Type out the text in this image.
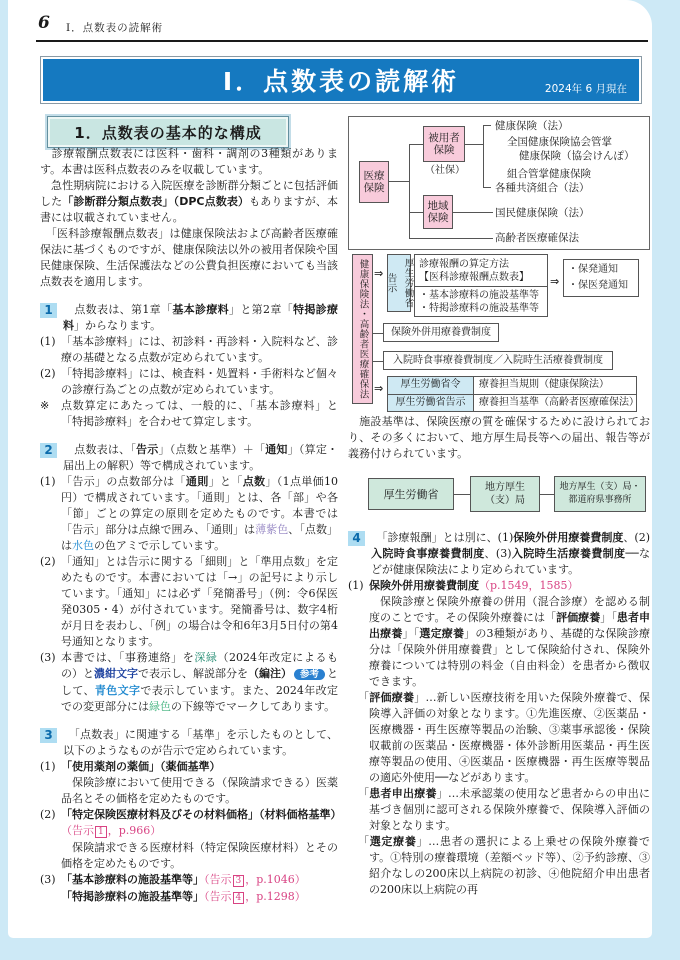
6 Ⅰ．点数表の読解術
Ⅰ．点数表の読解術	2024年 6 月現在
1．点数表の基本的な構成

　診療報酬点数表には医科・歯科・調剤の3種類があります。本書は医科点数表のみを収載しています。

　急性期病院における入院医療を診断群分類ごとに包括評価した「診断群分類点数表」（DPC点数表）もありますが、本書には収載されていません。

　「医科診療報酬点数表」は健康保険法および高齢者医療確保法に基づくものですが、健康保険法以外の被用者保険や国民健康保険、生活保護法などの公費負担医療においても当該点数表を適用します。

1 　点数表は、第1章「基本診療料」と第2章「特掲診療料」からなります。
(1) 「基本診療料」には、初診料・再診料・入院料など、診療の基礎となる点数が定められています。
(2) 「特掲診療料」には、検査料・処置料・手術料など個々の診療行為ごとの点数が定められています。
※	点数算定にあたっては、一般的に、「基本診療料」と「特掲診療料」を合わせて算定します。
2 　点数表は、「告示」（点数と基準）＋「通知」（算定・届出上の解釈）等で構成されています。
(1) 「告示」の点数部分は「通則」と「点数」（1点単価10円）で構成されています。「通則」とは、各「部」や各「節」ごとの算定の原則を定めたものです。本書では「告示」部分は点線で囲み、「通則」は薄紫色、「点数」は水色の色アミで示しています。
(2) 「通知」とは告示に関する「細則」と「準用点数」を定めたものです。本書においては「→」の記号により示しています。「通知」には必ず「発簡番号」（例：令6保医発0305・4）が付されています。発簡番号は、数字4桁が月日を表わし、「例」の場合は令和6年3月5日付の第4号通知となります。
(3) 本書では、「事務連絡」を深緑（2024年改定によるもの）と濃紺文字で表示し、解説部分を（編注） 参考 として、青色文字で表示しています。また、2024年改定での変更部分には緑色の下線等でマークしてあります。
3 　「点数表」に関連する「基準」を示したものとして、以下のようなものが告示で定められています。
(1) 「使用薬剤の薬価」（薬価基準）
保険診療において使用できる（保険請求できる）医薬品名とその価格を定めたものです。
(2) 「特定保険医療材料及びその材料価格」（材料価格基準）（告示 1 ，p.966）
保険請求できる医療材料（特定保険医療材料）とその価格を定めたものです。
(3) 「基本診療料の施設基準等」（告示 3 ，p.1046）
「特掲診療料の施設基準等」（告示 4 ，p.1298）
医療保険
被用者保険
（社保）
健康保険（法）
全国健康保険協会管掌
健康保険（協会けんぽ）
組合管掌健康保険
各種共済組合（法）
地域保険	国民健康保険（法）
高齢者医療確保法
健康保険法・高齢者医療確保法 ⇒ 告示 厚生労働省 診療報酬の算定方法
【医科診療報酬点数表】
・基本診療料の施設基準等
・特掲診療料の施設基準等
⇒
・保発通知
・保医発通知
保険外併用療養費制度
入院時食事療養費制度／入院時生活療養費制度
⇒	厚生労働省令	療養担当規則（健康保険法）
厚生労働省告示	療養担当基準（高齢者医療確保法）

　施設基準は、保険医療の質を確保するために設けられており、その多くにおいて、地方厚生局長等への届出、報告等が義務付けられています。

厚生労働省	地方厚生
（支）局
地方厚生（支）局・
都道府県事務所
4 　「診療報酬」とは別に、(1)保険外併用療養費制度、(2)入院時食事療養費制度、(3)入院時生活療養費制度──などが健康保険法により定められています。
(1) 保険外併用療養費制度（p.1549，1585）
保険診療と保険外療養の併用（混合診療）を認める制度のことです。その保険外療養には「評価療養」「患者申出療養」「選定療養」の3種類があり、基礎的な保険診療分は「保険外併用療養費」として保険給付され、保険外療養については特別の料金（自由料金）を患者から徴収できます。
「評価療養」…新しい医療技術を用いた保険外療養で、保険導入評価の対象となります。①先進医療、②医薬品・医療機器・再生医療等製品の治験、③薬事承認後・保険収載前の医薬品・医療機器・体外診断用医薬品・再生医療等製品の使用、④医薬品・医療機器・再生医療等製品の適応外使用──などがあります。
「患者申出療養」…未承認薬の使用など患者からの申出に基づき個別に認可される保険外療養で、保険導入評価の対象となります。
「選定療養」…患者の選択による上乗せの保険外療養です。①特別の療養環境（差額ベッド等）、②予約診療、③紹介なしの200床以上病院の初診、④他院紹介申出患者の200床以上病院の再
